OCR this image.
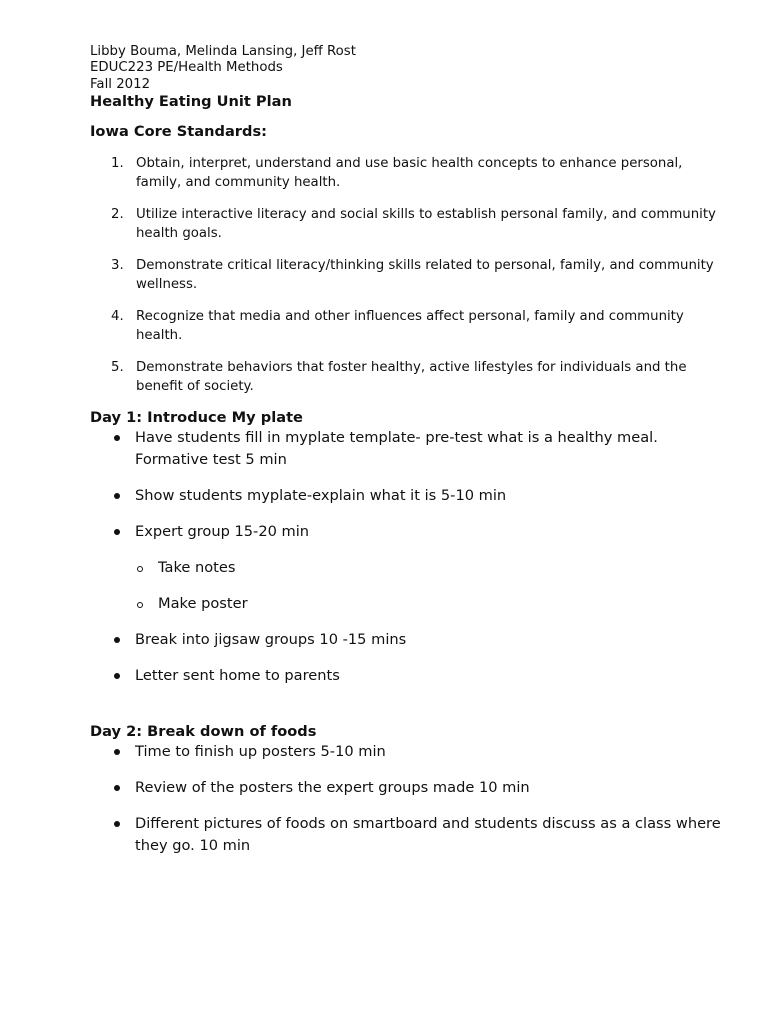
Libby Bouma, Melinda Lansing, Jeff Rost
EDUC223 PE/Health Methods
Fall 2012
Healthy Eating Unit Plan
Iowa Core Standards:
1. Obtain, interpret, understand and use basic health concepts to enhance personal, family, and community health.
2. Utilize interactive literacy and social skills to establish personal family, and community health goals.
3. Demonstrate critical literacy/thinking skills related to personal, family, and community wellness.
4. Recognize that media and other influences affect personal, family and community health.
5. Demonstrate behaviors that foster healthy, active lifestyles for individuals and the benefit of society.
Day 1: Introduce My plate
Have students fill in myplate template- pre-test what is a healthy meal. Formative test 5 min
Show students myplate-explain what it is 5-10 min
Expert group 15-20 min
Take notes
Make poster
Break into jigsaw groups 10 -15 mins
Letter sent home to parents
Day 2: Break down of foods
Time to finish up posters 5-10 min
Review of the posters the expert groups made 10 min
Different pictures of foods on smartboard and students discuss as a class where they go. 10 min
